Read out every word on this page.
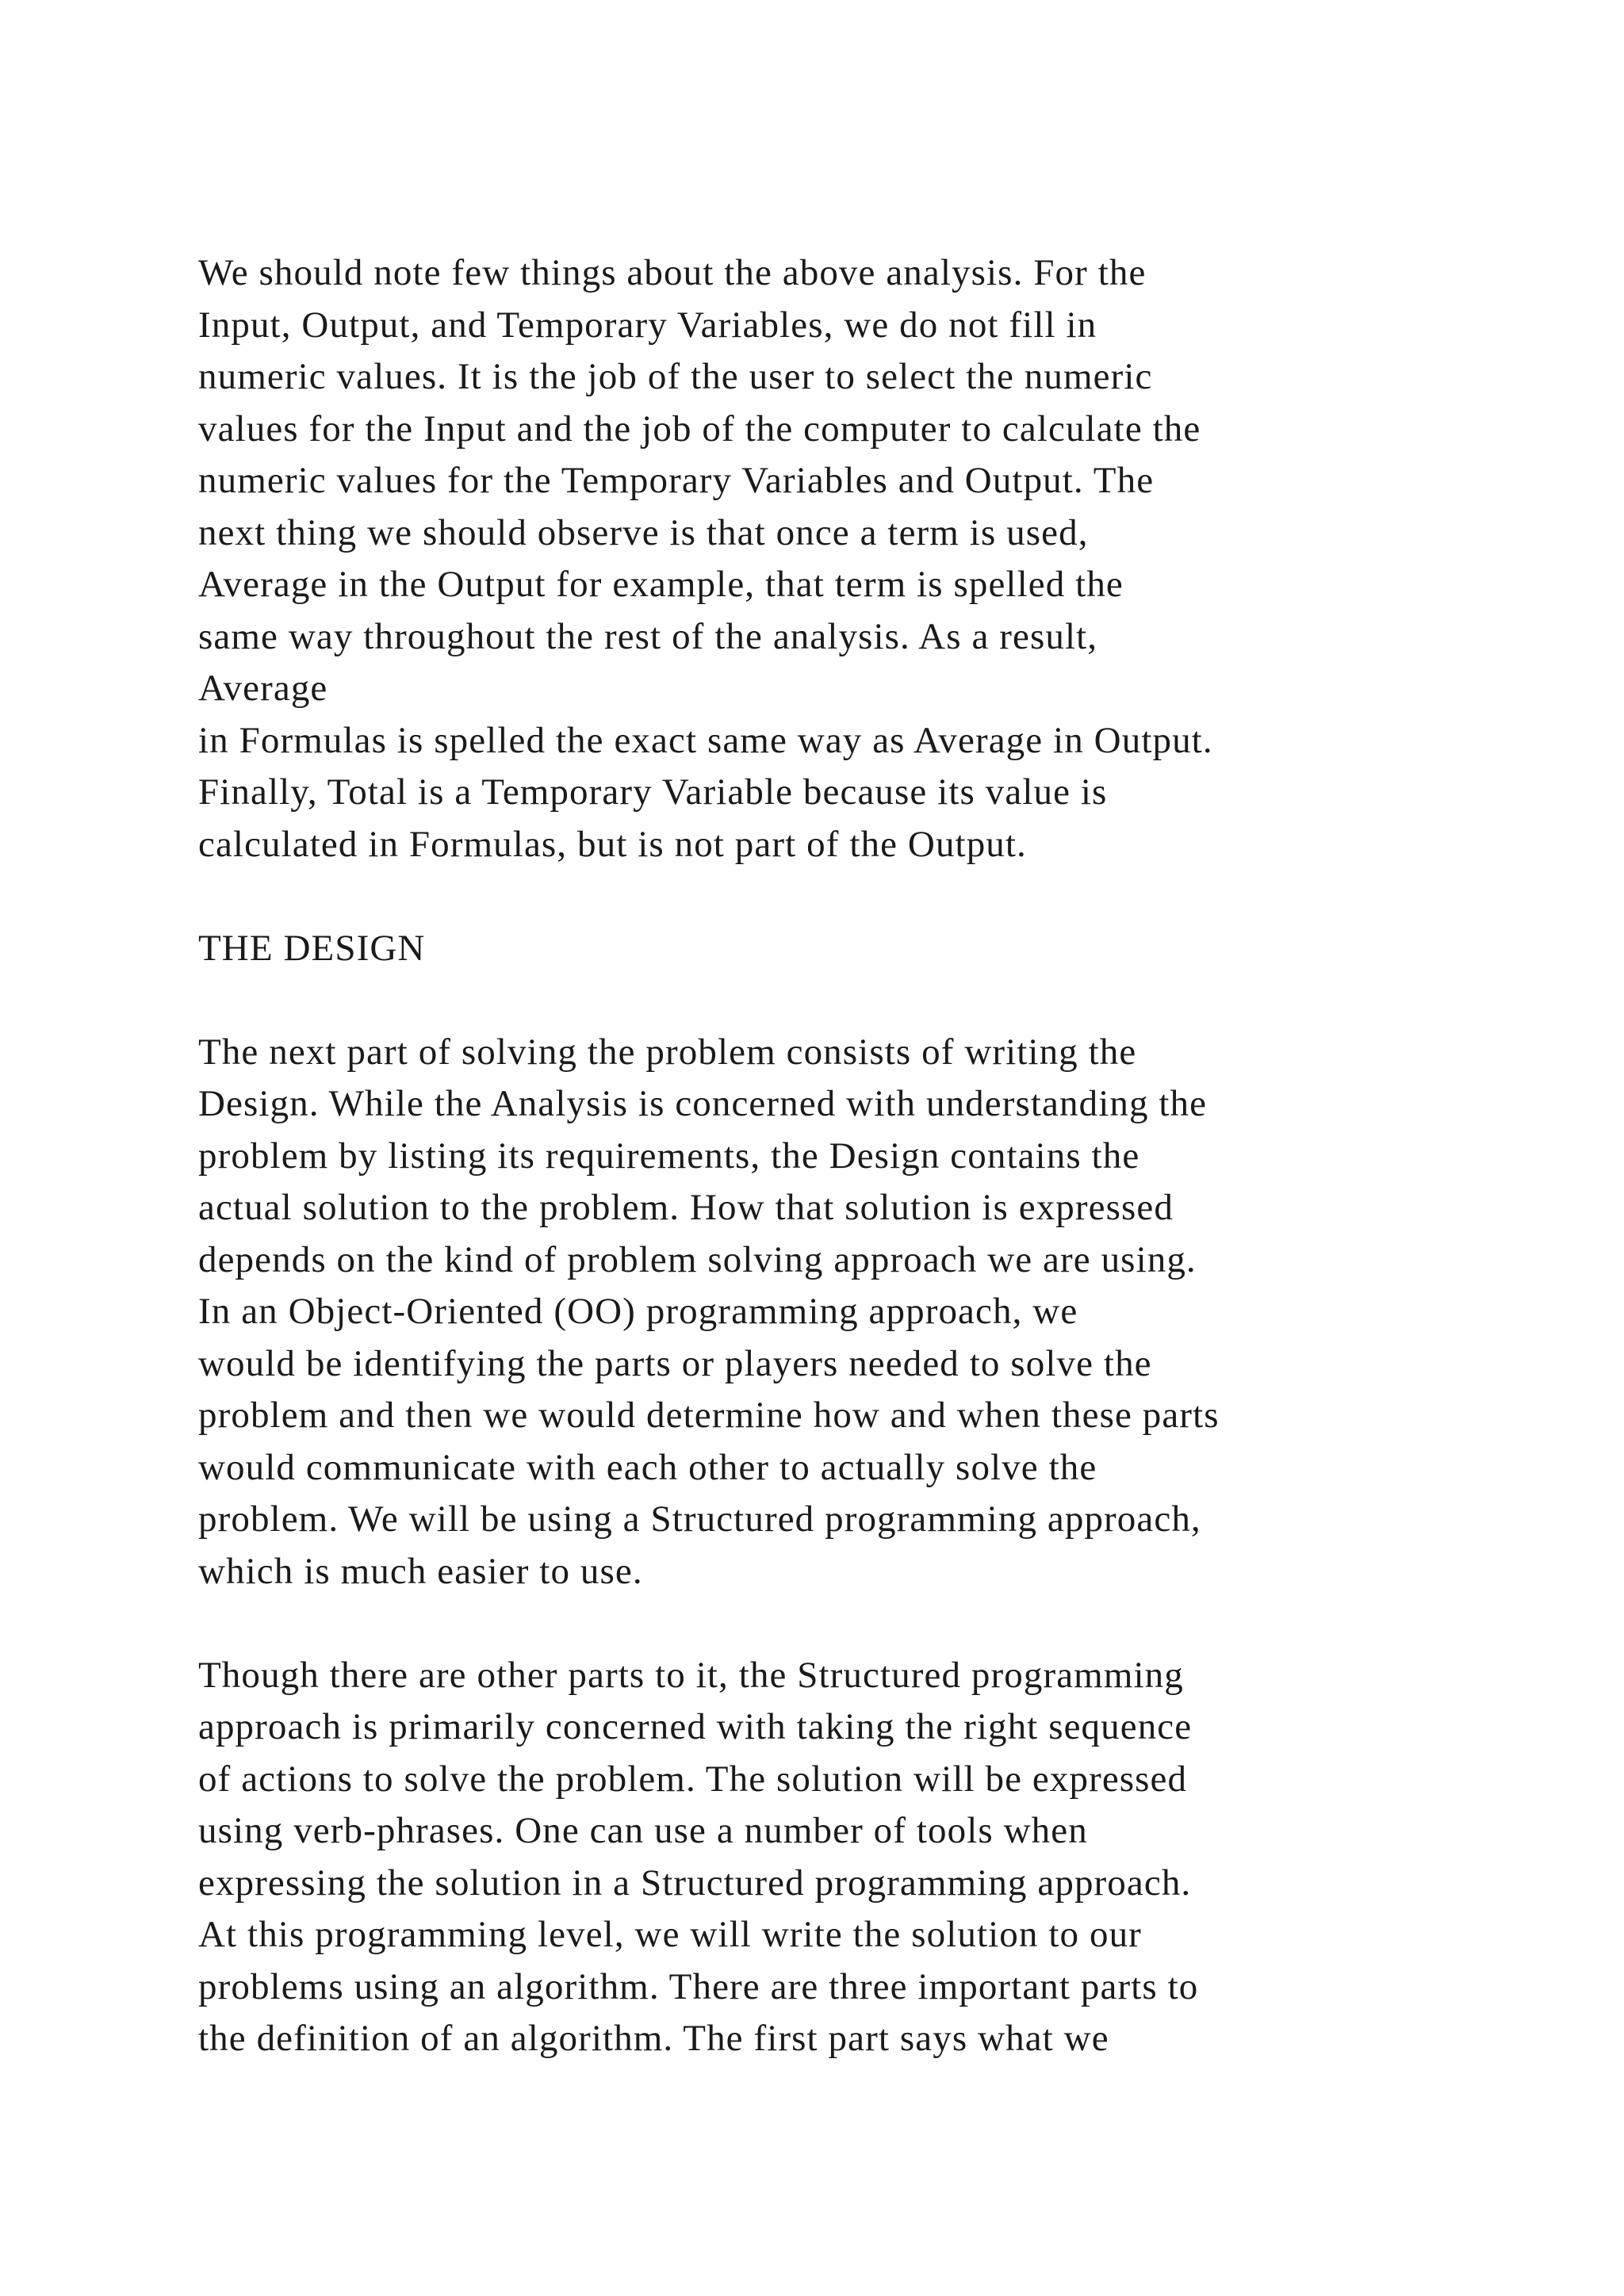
We should note few things about the above analysis. For the
Input, Output, and Temporary Variables, we do not fill in
numeric values. It is the job of the user to select the numeric
values for the Input and the job of the computer to calculate the
numeric values for the Temporary Variables and Output. The
next thing we should observe is that once a term is used,
Average in the Output for example, that term is spelled the
same way throughout the rest of the analysis. As a result,
Average
in Formulas is spelled the exact same way as Average in Output.
Finally, Total is a Temporary Variable because its value is
calculated in Formulas, but is not part of the Output.
THE DESIGN
The next part of solving the problem consists of writing the
Design. While the Analysis is concerned with understanding the
problem by listing its requirements, the Design contains the
actual solution to the problem. How that solution is expressed
depends on the kind of problem solving approach we are using.
In an Object-Oriented (OO) programming approach, we
would be identifying the parts or players needed to solve the
problem and then we would determine how and when these parts
would communicate with each other to actually solve the
problem. We will be using a Structured programming approach,
which is much easier to use.
Though there are other parts to it, the Structured programming
approach is primarily concerned with taking the right sequence
of actions to solve the problem. The solution will be expressed
using verb-phrases. One can use a number of tools when
expressing the solution in a Structured programming approach.
At this programming level, we will write the solution to our
problems using an algorithm. There are three important parts to
the definition of an algorithm. The first part says what we
